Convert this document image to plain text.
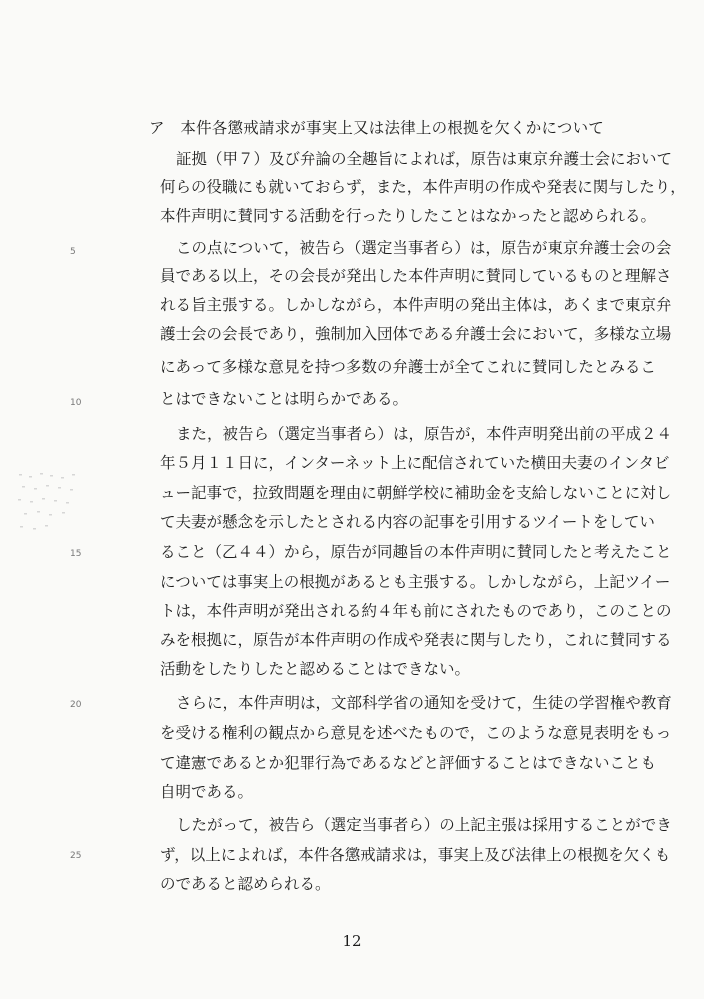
ア　本件各懲戒請求が事実上又は法律上の根拠を欠くかについて
証拠（甲７）及び弁論の全趣旨によれば，原告は東京弁護士会において
何らの役職にも就いておらず，また，本件声明の作成や発表に関与したり，
本件声明に賛同する活動を行ったりしたことはなかったと認められる。
この点について，被告ら（選定当事者ら）は，原告が東京弁護士会の会
員である以上，その会長が発出した本件声明に賛同しているものと理解さ
れる旨主張する。しかしながら，本件声明の発出主体は，あくまで東京弁
護士会の会長であり，強制加入団体である弁護士会において，多様な立場
にあって多様な意見を持つ多数の弁護士が全てこれに賛同したとみるこ
とはできないことは明らかである。
また，被告ら（選定当事者ら）は，原告が，本件声明発出前の平成２４
年５月１１日に，インターネット上に配信されていた横田夫妻のインタビ
ュー記事で，拉致問題を理由に朝鮮学校に補助金を支給しないことに対し
て夫妻が懸念を示したとされる内容の記事を引用するツイートをしてい
ること（乙４４）から，原告が同趣旨の本件声明に賛同したと考えたこと
については事実上の根拠があるとも主張する。しかしながら，上記ツイー
トは，本件声明が発出される約４年も前にされたものであり，このことの
みを根拠に，原告が本件声明の作成や発表に関与したり，これに賛同する
活動をしたりしたと認めることはできない。
さらに，本件声明は，文部科学省の通知を受けて，生徒の学習権や教育
を受ける権利の観点から意見を述べたもので，このような意見表明をもっ
て違憲であるとか犯罪行為であるなどと評価することはできないことも
自明である。
したがって，被告ら（選定当事者ら）の上記主張は採用することができ
ず，以上によれば，本件各懲戒請求は，事実上及び法律上の根拠を欠くも
のであると認められる。
5
10
15
20
25
12
